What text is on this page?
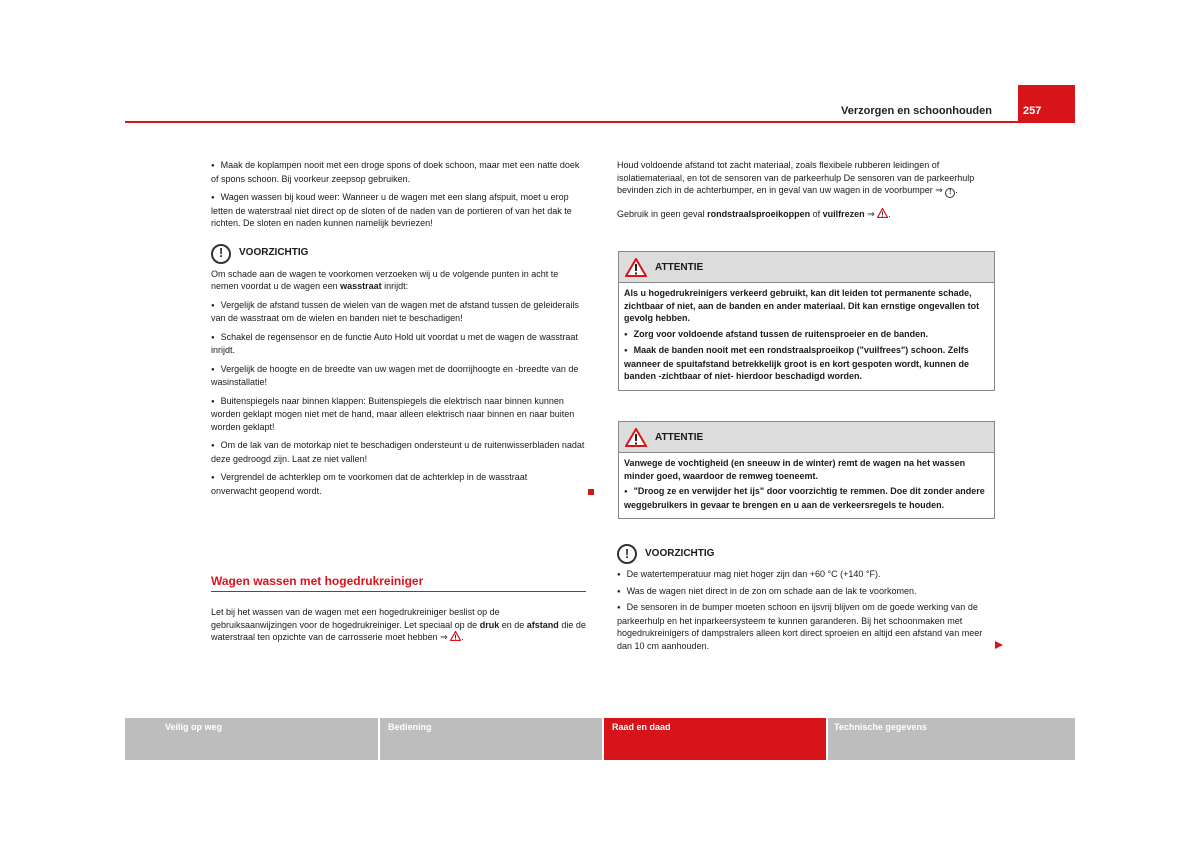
Verzorgen en schoonhouden	257

● Maak de koplampen nooit met een droge spons of doek schoon, maar met een natte doek of spons schoon. Bij voorkeur zeepsop gebruiken.

● Wagen wassen bij koud weer: Wanneer u de wagen met een slang afspuit, moet u erop letten de waterstraal niet direct op de sloten of de naden van de portieren of van het dak te richten. De sloten en naden kunnen namelijk bevriezen!

!	VOORZICHTIG

Om schade aan de wagen te voorkomen verzoeken wij u de volgende punten in acht te nemen voordat u de wagen een wasstraat inrijdt:

● Vergelijk de afstand tussen de wielen van de wagen met de afstand tussen de geleiderails van de wasstraat om de wielen en banden niet te beschadigen!

● Schakel de regensensor en de functie Auto Hold uit voordat u met de wagen de wasstraat inrijdt.

● Vergelijk de hoogte en de breedte van uw wagen met de doorrijhoogte en -breedte van de wasinstallatie!

● Buitenspiegels naar binnen klappen: Buitenspiegels die elektrisch naar binnen kunnen worden geklapt mogen niet met de hand, maar alleen elektrisch naar binnen en naar buiten worden geklapt!

● Om de lak van de motorkap niet te beschadigen ondersteunt u de ruitenwisserbladen nadat deze gedroogd zijn. Laat ze niet vallen!

● Vergrendel de achterklep om te voorkomen dat de achterklep in de wasstraat onverwacht geopend wordt.

Wagen wassen met hogedrukreiniger

Let bij het wassen van de wagen met een hogedrukreiniger beslist op de gebruiksaanwijzingen voor de hogedrukreiniger. Let speciaal op de druk en de afstand die de waterstraal ten opzichte van de carrosserie moet hebben ⇒ .

Houd voldoende afstand tot zacht materiaal, zoals flexibele rubberen leidingen of isolatiemateriaal, en tot de sensoren van de parkeerhulp De sensoren van de parkeerhulp bevinden zich in de achterbumper, en in geval van uw wagen in de voorbumper ⇒ ! .

Gebruik in geen geval rondstraalsproeikoppen of vuilfrezen ⇒ .

ATTENTIE

Als u hogedrukreinigers verkeerd gebruikt, kan dit leiden tot permanente schade, zichtbaar of niet, aan de banden en ander materiaal. Dit kan ernstige ongevallen tot gevolg hebben.

● Zorg voor voldoende afstand tussen de ruitensproeier en de banden.

● Maak de banden nooit met een rondstraalsproeikop ("vuilfrees") schoon. Zelfs wanneer de spuitafstand betrekkelijk groot is en kort gespoten wordt, kunnen de banden -zichtbaar of niet- hierdoor beschadigd worden.

ATTENTIE

Vanwege de vochtigheid (en sneeuw in de winter) remt de wagen na het wassen minder goed, waardoor de remweg toeneemt.

● "Droog ze en verwijder het ijs" door voorzichtig te remmen. Doe dit zonder andere weggebruikers in gevaar te brengen en u aan de verkeersregels te houden.

!	VOORZICHTIG

● De watertemperatuur mag niet hoger zijn dan +60 °C (+140 °F).

● Was de wagen niet direct in de zon om schade aan de lak te voorkomen.

● De sensoren in de bumper moeten schoon en ijsvrij blijven om de goede werking van de parkeerhulp en het inparkeersysteem te kunnen garanderen. Bij het schoonmaken met hogedrukreinigers of dampstralers alleen kort direct sproeien en altijd een afstand van meer dan 10 cm aanhouden.

Veilig op weg	Bediening	Raad en daad	Technische gegevens
